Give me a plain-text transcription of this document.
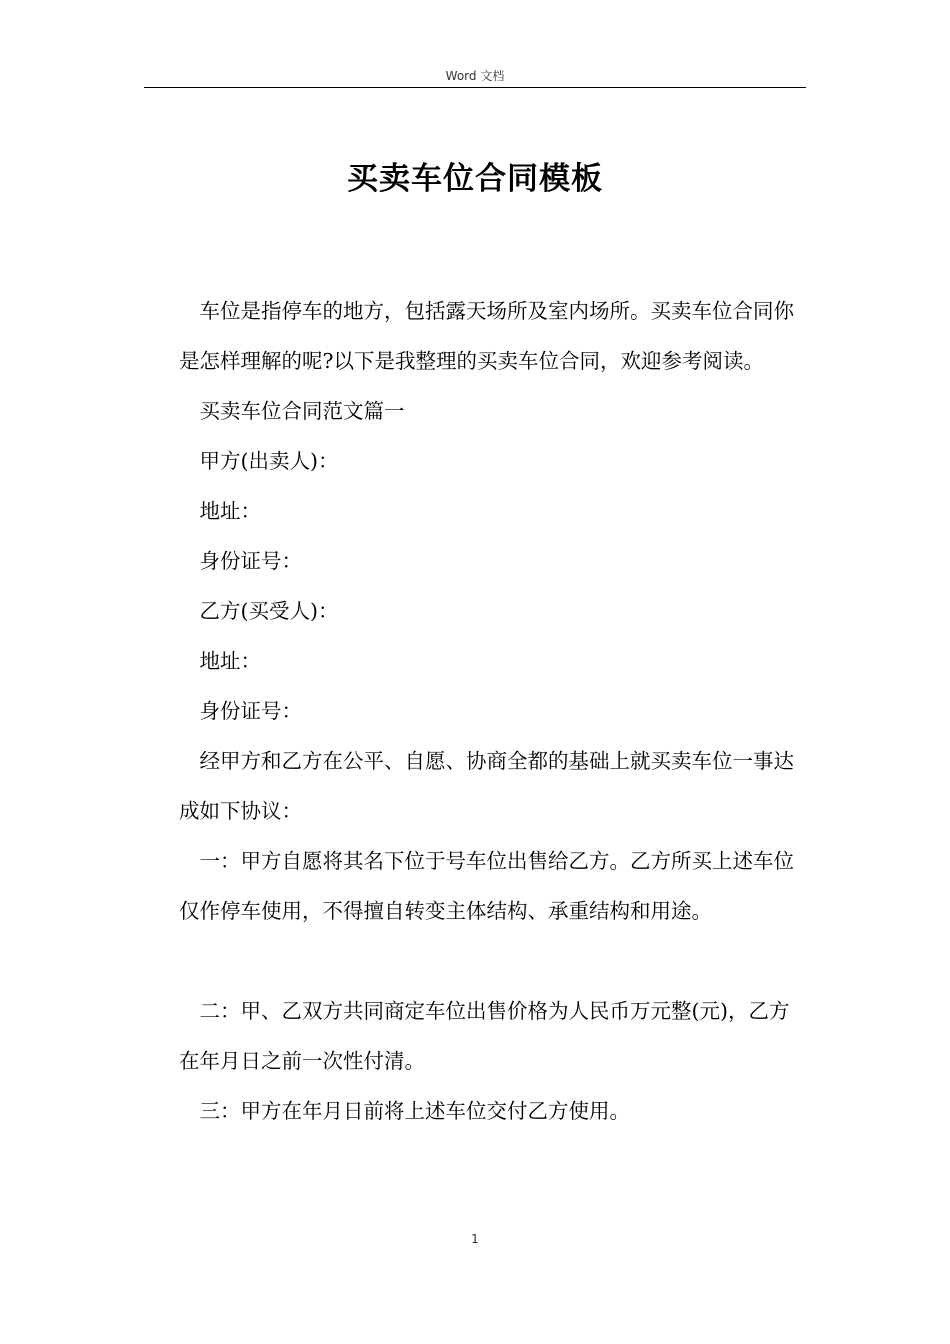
Word 文档
买卖车位合同模板

车位是指停车的地方，包括露天场所及室内场所。买卖车位合同你是怎样理解的呢?以下是我整理的买卖车位合同，欢迎参考阅读。

买卖车位合同范文篇一

甲方(出卖人)：

地址：

身份证号：

乙方(买受人)：

地址：

身份证号：

经甲方和乙方在公平、自愿、协商全都的基础上就买卖车位一事达成如下协议：

一：甲方自愿将其名下位于号车位出售给乙方。乙方所买上述车位仅作停车使用，不得擅自转变主体结构、承重结构和用途。

二：甲、乙双方共同商定车位出售价格为人民币万元整(元)，乙方在年月日之前一次性付清。

三：甲方在年月日前将上述车位交付乙方使用。

1
